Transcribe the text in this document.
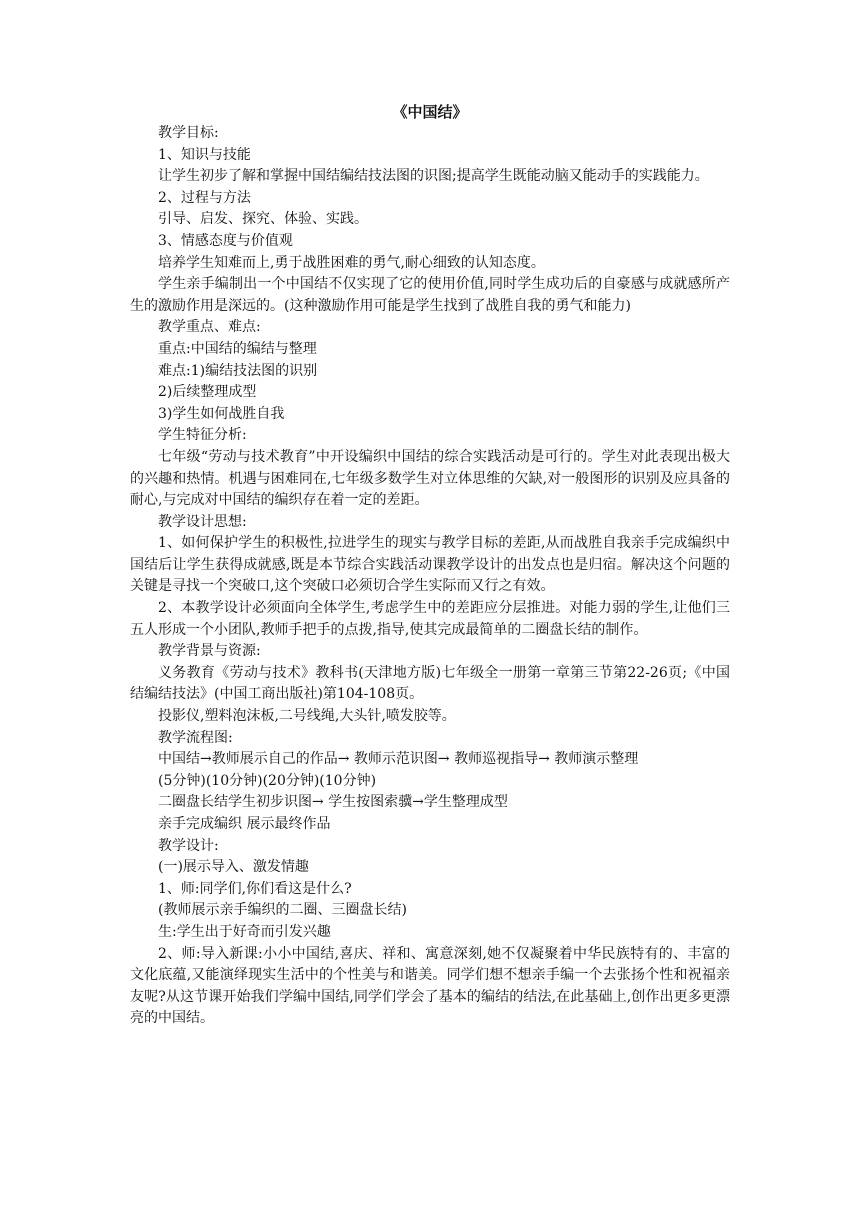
《中国结》

教学目标:

1、知识与技能

让学生初步了解和掌握中国结编结技法图的识图;提高学生既能动脑又能动手的实践能力。

2、过程与方法

引导、启发、探究、体验、实践。

3、情感态度与价值观

培养学生知难而上,勇于战胜困难的勇气,耐心细致的认知态度。

学生亲手编制出一个中国结不仅实现了它的使用价值,同时学生成功后的自豪感与成就感所产生的激励作用是深远的。(这种激励作用可能是学生找到了战胜自我的勇气和能力)

教学重点、难点:

重点:中国结的编结与整理

难点:1)编结技法图的识别

2)后续整理成型

3)学生如何战胜自我

学生特征分析:

七年级“劳动与技术教育”中开设编织中国结的综合实践活动是可行的。学生对此表现出极大的兴趣和热情。机遇与困难同在,七年级多数学生对立体思维的欠缺,对一般图形的识别及应具备的耐心,与完成对中国结的编织存在着一定的差距。

教学设计思想:

1、如何保护学生的积极性,拉进学生的现实与教学目标的差距,从而战胜自我亲手完成编织中国结后让学生获得成就感,既是本节综合实践活动课教学设计的出发点也是归宿。解决这个问题的关键是寻找一个突破口,这个突破口必须切合学生实际而又行之有效。

2、本教学设计必须面向全体学生,考虑学生中的差距应分层推进。对能力弱的学生,让他们三五人形成一个小团队,教师手把手的点拨,指导,使其完成最简单的二圈盘长结的制作。

教学背景与资源:

义务教育《劳动与技术》教科书(天津地方版)七年级全一册第一章第三节第22-26页;《中国结编结技法》(中国工商出版社)第104-108页。

投影仪,塑料泡沫板,二号线绳,大头针,喷发胶等。

教学流程图:

中国结→教师展示自己的作品→ 教师示范识图→ 教师巡视指导→ 教师演示整理

(5分钟)(10分钟)(20分钟)(10分钟)

二圈盘长结学生初步识图→ 学生按图索骥→学生整理成型

亲手完成编织 展示最终作品

教学设计:

(一)展示导入、激发情趣

1、师:同学们,你们看这是什么?

(教师展示亲手编织的二圈、三圈盘长结)

生:学生出于好奇而引发兴趣

2、师:导入新课:小小中国结,喜庆、祥和、寓意深刻,她不仅凝聚着中华民族特有的、丰富的文化底蕴,又能演绎现实生活中的个性美与和谐美。同学们想不想亲手编一个去张扬个性和祝福亲友呢?从这节课开始我们学编中国结,同学们学会了基本的编结的结法,在此基础上,创作出更多更漂亮的中国结。
